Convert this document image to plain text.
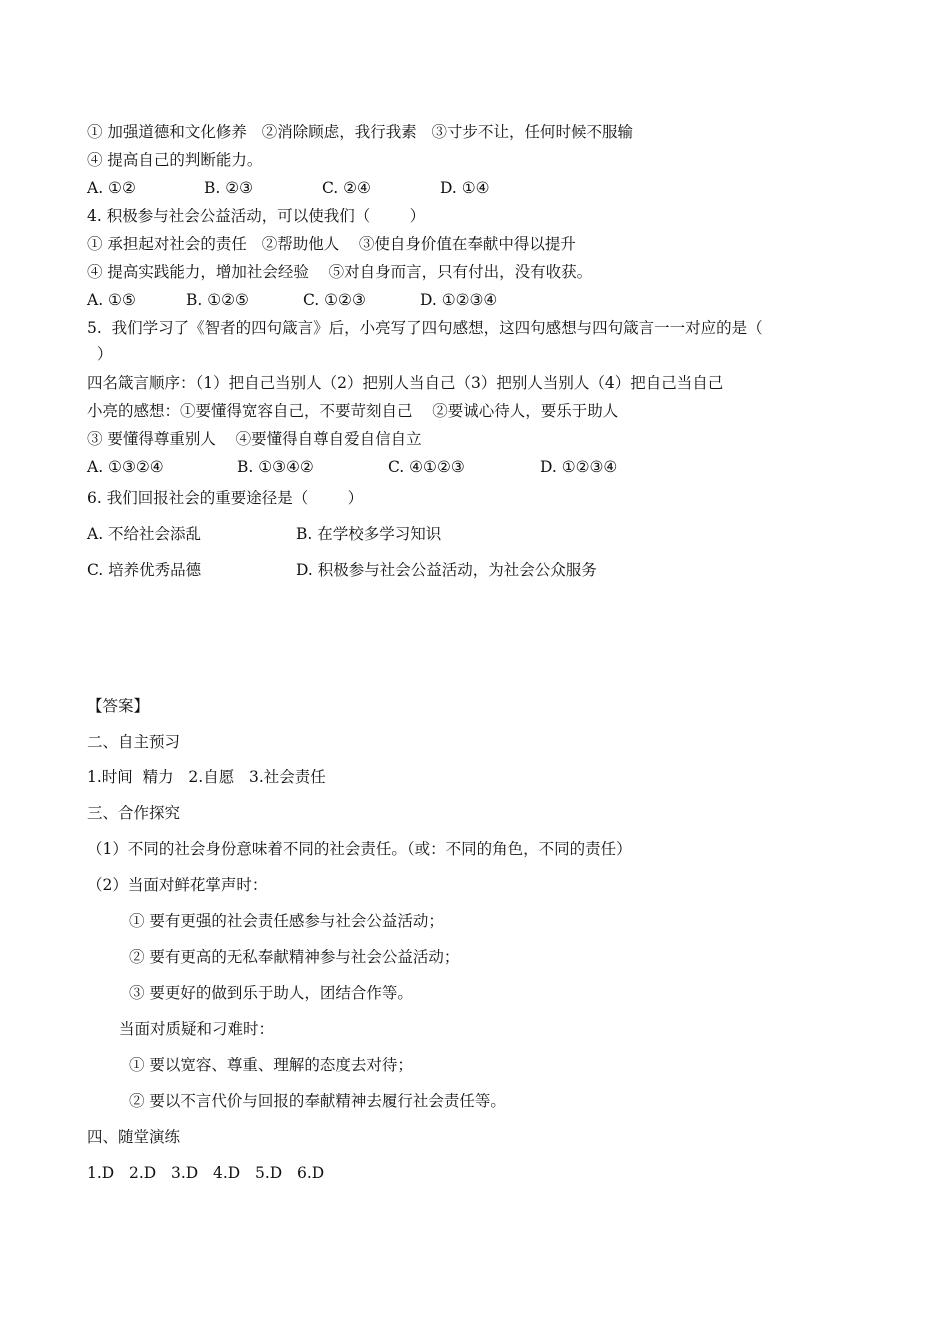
① 加强道德和文化修养   ②消除顾虑，我行我素   ③寸步不让，任何时候不服输
④ 提高自己的判断能力。
A. ①②	B. ②③	C. ②④	D. ①④
4. 积极参与社会公益活动，可以使我们（        ）
① 承担起对社会的责任   ②帮助他人    ③使自身价值在奉献中得以提升
④ 提高实践能力，增加社会经验    ⑤对自身而言，只有付出，没有收获。
A. ①⑤	B. ①②⑤	C. ①②③	D. ①②③④
5.  我们学习了《智者的四句箴言》后，小亮写了四句感想，这四句感想与四句箴言一一对应的是（
）
四名箴言顺序：（1）把自己当别人（2）把别人当自己（3）把别人当别人（4）把自己当自己
小亮的感想：①要懂得宽容自己，不要苛刻自己    ②要诚心待人，要乐于助人
③ 要懂得尊重别人    ④要懂得自尊自爱自信自立
A. ①③②④	B. ①③④②	C. ④①②③	D. ①②③④
6. 我们回报社会的重要途径是（        ）
A. 不给社会添乱	B. 在学校多学习知识
C. 培养优秀品德	D. 积极参与社会公益活动，为社会公众服务
【答案】
二、自主预习
1.时间  精力   2.自愿   3.社会责任
三、合作探究
（1）不同的社会身份意味着不同的社会责任。（或：不同的角色，不同的责任）
（2）当面对鲜花掌声时：
① 要有更强的社会责任感参与社会公益活动；
② 要有更高的无私奉献精神参与社会公益活动；
③ 要更好的做到乐于助人，团结合作等。
当面对质疑和刁难时：
① 要以宽容、尊重、理解的态度去对待；
② 要以不言代价与回报的奉献精神去履行社会责任等。
四、随堂演练
1.D   2.D   3.D   4.D   5.D   6.D
